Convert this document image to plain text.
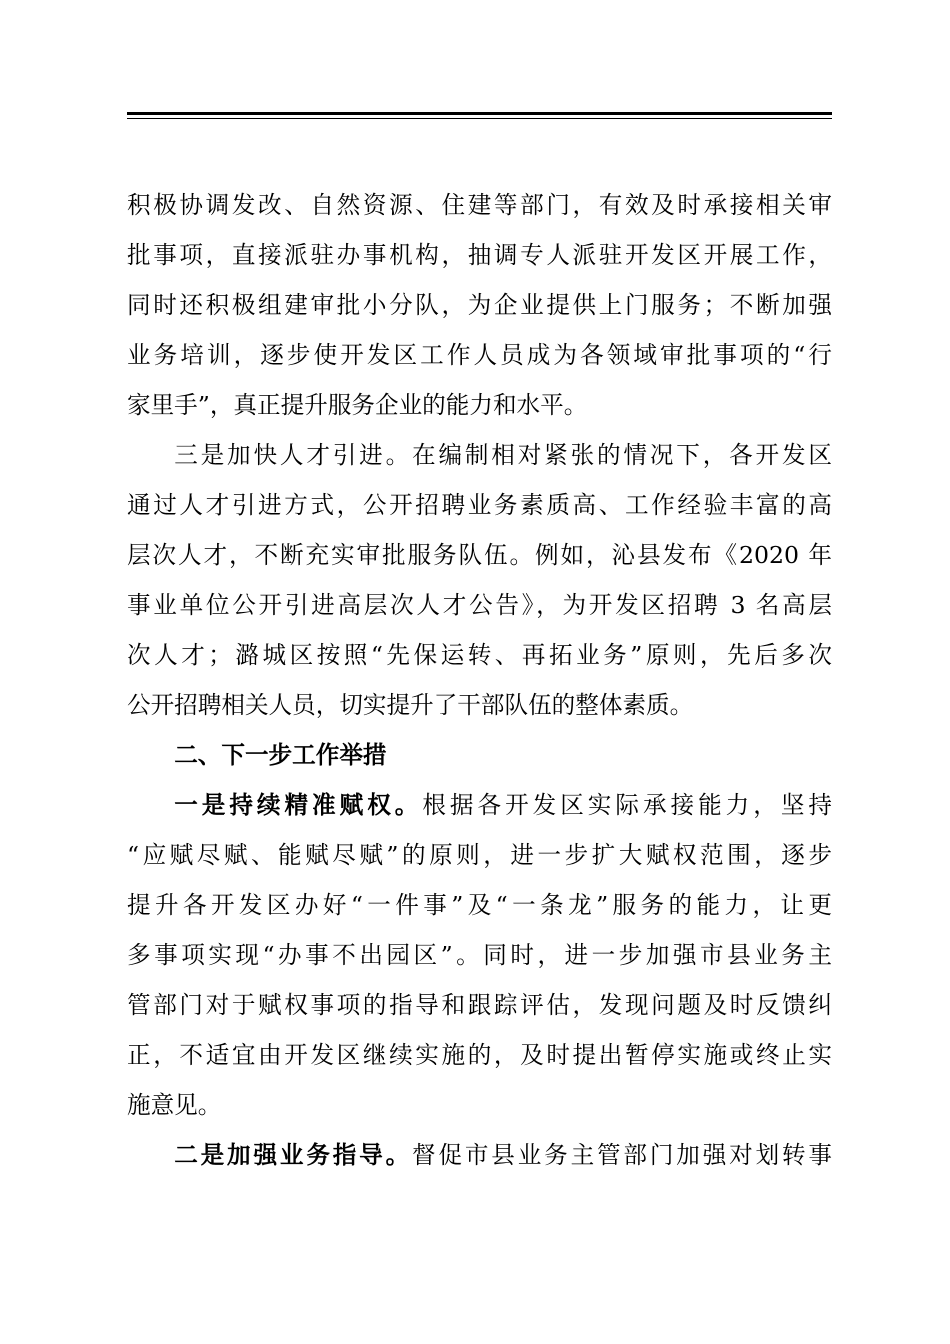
积极协调发改、自然资源、住建等部门，有效及时承接相关审

批事项，直接派驻办事机构，抽调专人派驻开发区开展工作，

同时还积极组建审批小分队，为企业提供上门服务；不断加强

业务培训，逐步使开发区工作人员成为各领域审批事项的“行

家里手”，真正提升服务企业的能力和水平。

三是加快人才引进。在编制相对紧张的情况下，各开发区

通过人才引进方式，公开招聘业务素质高、工作经验丰富的高

层次人才，不断充实审批服务队伍。例如，沁县发布《2020 年

事业单位公开引进高层次人才公告》，为开发区招聘 3 名高层

次人才；潞城区按照“先保运转、再拓业务”原则，先后多次

公开招聘相关人员，切实提升了干部队伍的整体素质。

二、下一步工作举措

一是持续精准赋权。根据各开发区实际承接能力，坚持

“应赋尽赋、能赋尽赋”的原则，进一步扩大赋权范围，逐步

提升各开发区办好“一件事”及“一条龙”服务的能力，让更

多事项实现“办事不出园区”。同时，进一步加强市县业务主

管部门对于赋权事项的指导和跟踪评估，发现问题及时反馈纠

正，不适宜由开发区继续实施的，及时提出暂停实施或终止实

施意见。

二是加强业务指导。督促市县业务主管部门加强对划转事
